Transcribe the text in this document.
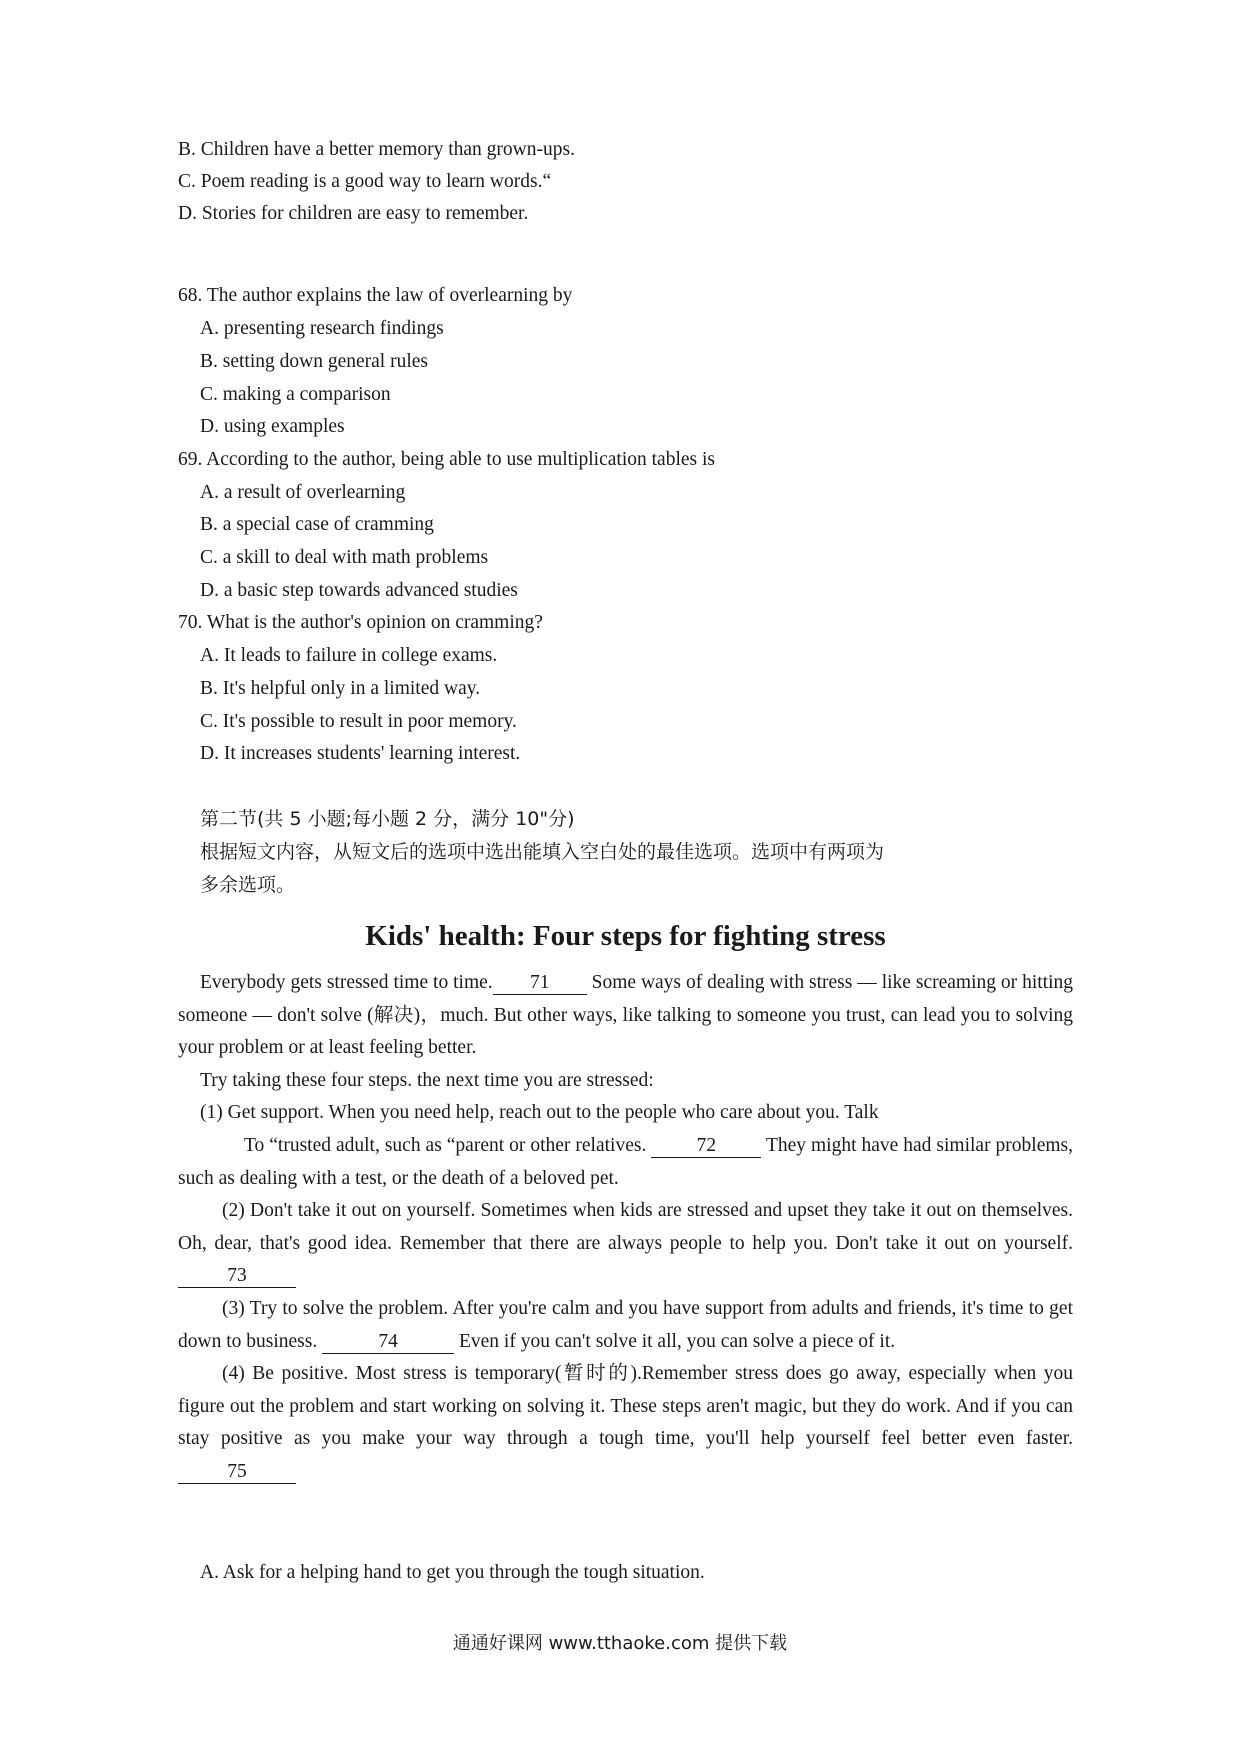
B. Children have a better memory than grown-ups.
C. Poem reading is a good way to learn words.“
D. Stories for children are easy to remember.
68. The author explains the law of overlearning by
A. presenting research findings
B. setting down general rules
C. making a comparison
D. using examples
69. According to the author, being able to use multiplication tables is
A. a result of overlearning
B. a special case of cramming
C. a skill to deal with math problems
D. a basic step towards advanced studies
70. What is the author's opinion on cramming?
A. It leads to failure in college exams.
B. It's helpful only in a limited way.
C. It's possible to result in poor memory.
D. It increases students' learning interest.
第二节(共 5 小题;每小题 2 分，满分 10"分)
根据短文内容，从短文后的选项中选出能填入空白处的最佳选项。选项中有两项为
多余选项。
Kids' health: Four steps for fighting stress

Everybody gets stressed time to time. 71 Some ways of dealing with stress — like screaming or hitting someone — don't solve (解决)，much. But other ways, like talking to someone you trust, can lead you to solving your problem or at least feeling better.

Try taking these four steps. the next time you are stressed:

(1) Get support. When you need help, reach out to the people who care about you. Talk

To “trusted adult, such as “parent or other relatives.	72 They might have had similar problems, such as dealing with a test, or the death of a beloved pet.

(2) Don't take it out on yourself. Sometimes when kids are stressed and upset they take it out on themselves. Oh, dear, that's good idea. Remember that there are always people to help you. Don't take it out on yourself.73

(3) Try to solve the problem. After you're calm and you have support from adults and friends, it's time to get down to business.	74	Even if you can't solve it all, you can solve a piece of it.

(4) Be positive. Most stress is temporary(暂时的).Remember stress does go away, especially when you figure out the problem and start working on solving it. These steps aren't magic, but they do work. And if you can stay positive as you make your way through a tough time, you'll help yourself feel better even faster. 75

A. Ask for a helping hand to get you through the tough situation.
通通好课网 www.tthaoke.com 提供下载
